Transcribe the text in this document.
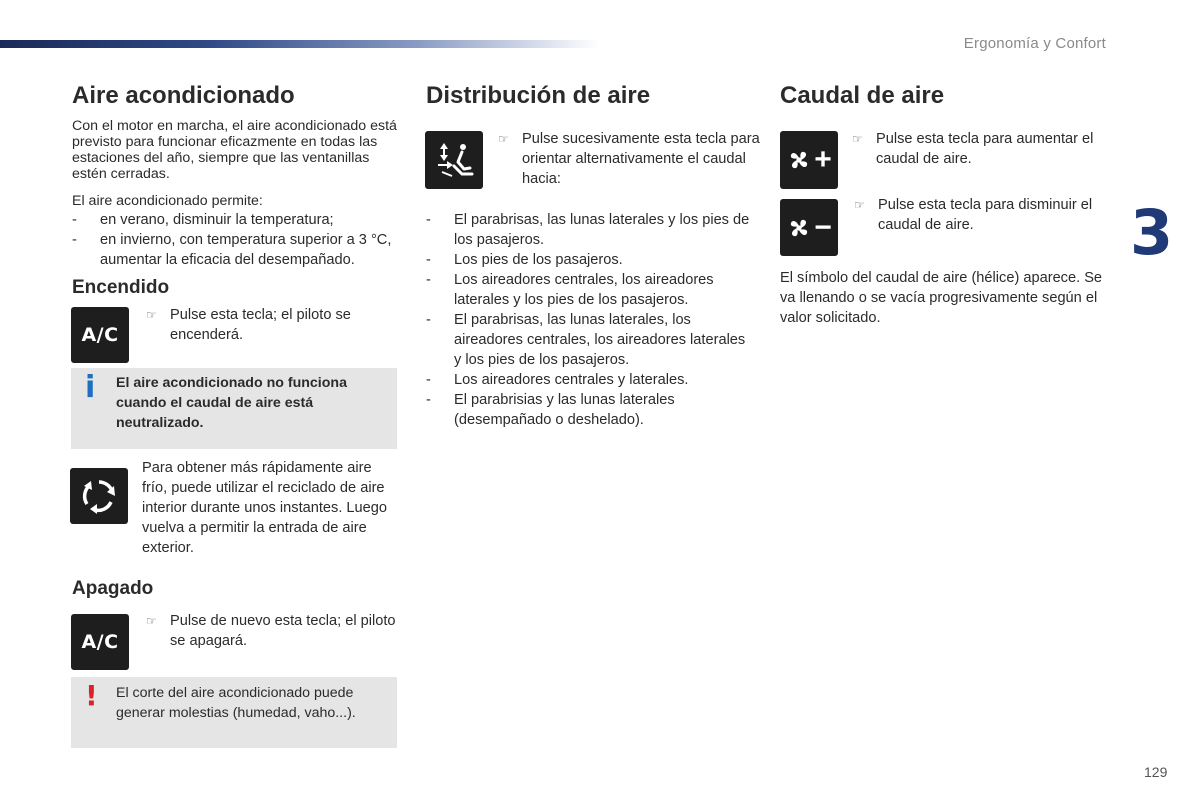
Ergonomía y Confort
Aire acondicionado

Con el motor en marcha, el aire acondicionado está previsto para funcionar eficazmente en todas las estaciones del año, siempre que las ventanillas estén cerradas.

El aire acondicionado permite:

- en verano, disminuir la temperatura;
- en invierno, con temperatura superior a 3 °C, aumentar la eficacia del desempañado.
Encendido
A/C
☞ Pulse esta tecla; el piloto se encenderá.
i El aire acondicionado no funciona cuando el caudal de aire está neutralizado.

Para obtener más rápidamente aire frío, puede utilizar el reciclado de aire interior durante unos instantes. Luego vuelva a permitir la entrada de aire exterior.

Apagado
A/C
☞ Pulse de nuevo esta tecla; el piloto se apagará.
! El corte del aire acondicionado puede generar molestias (humedad, vaho...).
Distribución de aire
☞ Pulse sucesivamente esta tecla para orientar alternativamente el caudal hacia:
- El parabrisas, las lunas laterales y los pies de los pasajeros.
- Los pies de los pasajeros.
- Los aireadores centrales, los aireadores laterales y los pies de los pasajeros.
- El parabrisas, las lunas laterales, los aireadores centrales, los aireadores laterales y los pies de los pasajeros.
- Los aireadores centrales y laterales.
- El parabrisias y las lunas laterales (desempañado o deshelado).
Caudal de aire
+
☞ Pulse esta tecla para aumentar el caudal de aire.
−
☞ Pulse esta tecla para disminuir el caudal de aire.

El símbolo del caudal de aire (hélice) aparece. Se va llenando o se vacía progresivamente según el valor solicitado.

3
129
